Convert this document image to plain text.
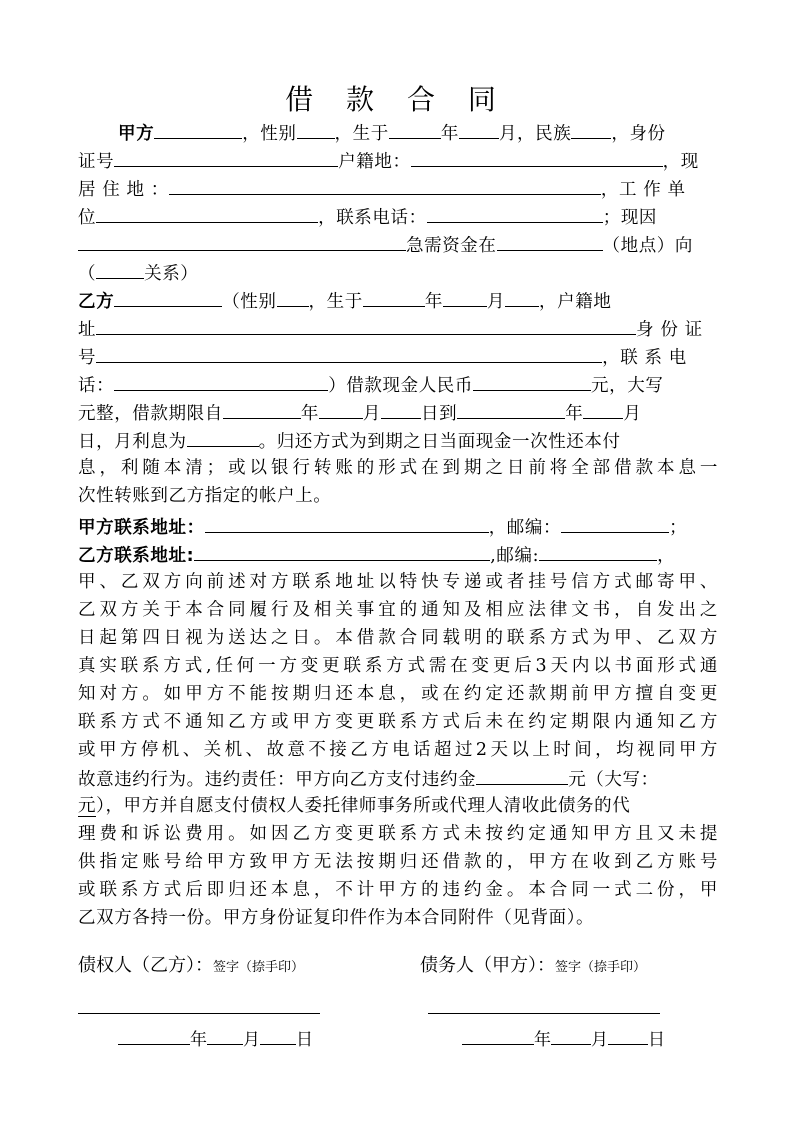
借 款 合 同
甲方	，性别 ，生于	年 月，民族 ，身份
证号	户籍地：	，现
居 住 地 ：	，工 作 单
位	，联系电话：	；现因
急需资金在	（地点）向
（	关系）
乙方	（性别 ，生于	年	月 ，户籍地
址	身 份 证
号	，联 系 电
话：	）借款现金人民币	元，大写
元整，借款期限自	年	月 日到	年 月
日，月利息为	。归还方式为到期之日当面现金一次性还本付
息，利随本清；或以银行转账的形式在到期之日前将全部借款本息一
次性转账到乙方指定的帐户上。
甲方联系地址：	，邮编：	；
乙方联系地址:	,邮编:	，
甲、乙双方向前述对方联系地址以特快专递或者挂号信方式邮寄甲、
乙双方关于本合同履行及相关事宜的通知及相应法律文书，自发出之
日起第四日视为送达之日。本借款合同载明的联系方式为甲、乙双方
真实联系方式,任何一方变更联系方式需在变更后3天内以书面形式通
知对方。如甲方不能按期归还本息，或在约定还款期前甲方擅自变更
联系方式不通知乙方或甲方变更联系方式后未在约定期限内通知乙方
或甲方停机、关机、故意不接乙方电话超过2天以上时间，均视同甲方
故意违约行为。违约责任：甲方向乙方支付违约金	元（大写：
元），甲方并自愿支付债权人委托律师事务所或代理人清收此债务的代
理费和诉讼费用。如因乙方变更联系方式未按约定通知甲方且又未提
供指定账号给甲方致甲方无法按期归还借款的，甲方在收到乙方账号
或联系方式后即归还本息，不计甲方的违约金。本合同一式二份，甲
乙双方各持一份。甲方身份证复印件作为本合同附件（见背面）。
债权人（乙方）：签字（捺手印）	债务人（甲方）：签字（捺手印）
年 月 日	年 月 日
